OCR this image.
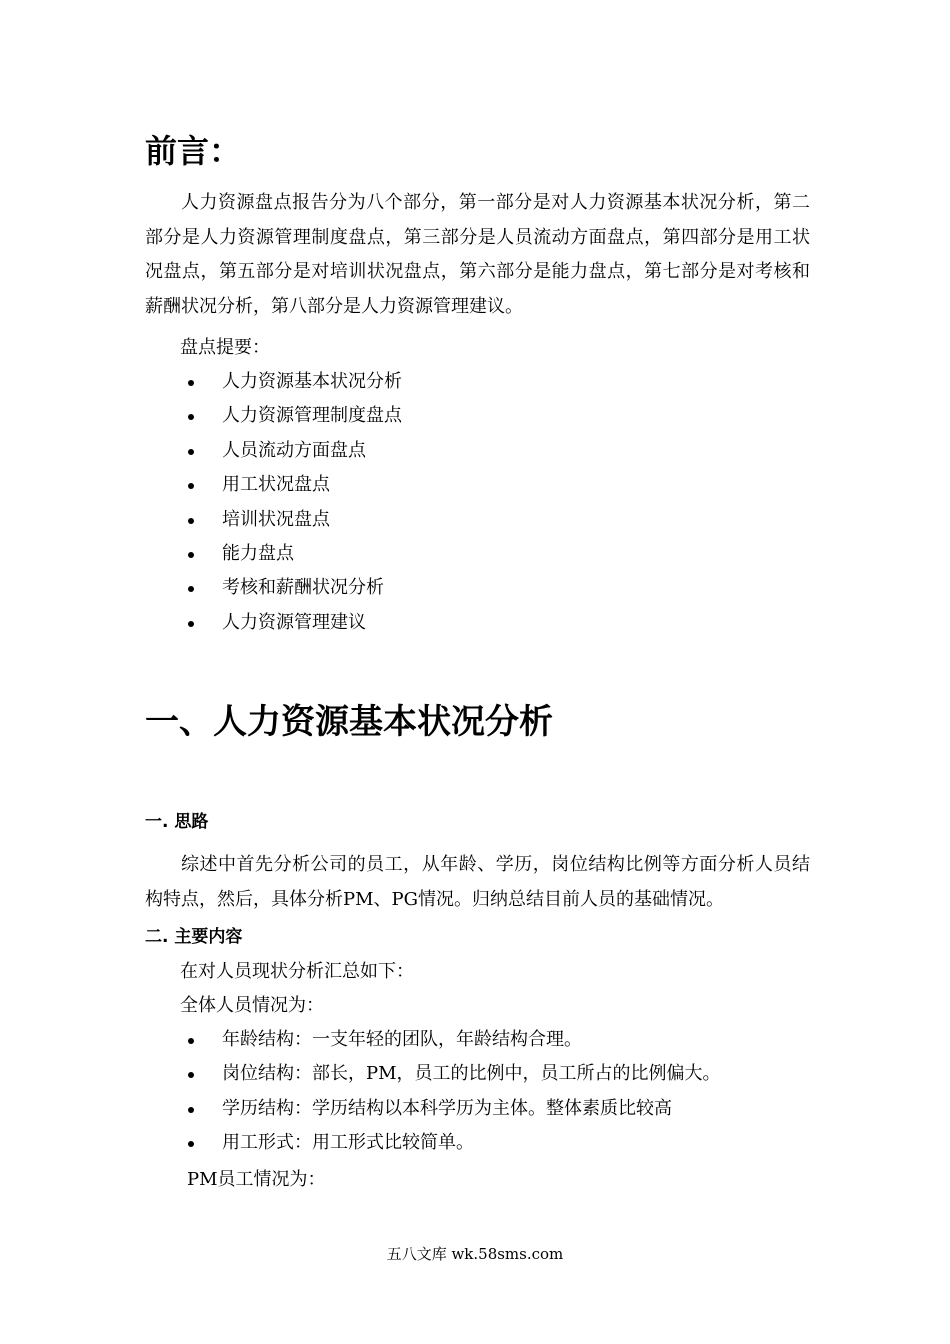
前言：

人力资源盘点报告分为八个部分，第一部分是对人力资源基本状况分析，第二部分是人力资源管理制度盘点，第三部分是人员流动方面盘点，第四部分是用工状况盘点，第五部分是对培训状况盘点，第六部分是能力盘点，第七部分是对考核和薪酬状况分析，第八部分是人力资源管理建议。

盘点提要：

人力资源基本状况分析
人力资源管理制度盘点
人员流动方面盘点
用工状况盘点
培训状况盘点
能力盘点
考核和薪酬状况分析
人力资源管理建议
一、人力资源基本状况分析
一. 思路

综述中首先分析公司的员工，从年龄、学历，岗位结构比例等方面分析人员结构特点，然后，具体分析PM、PG情况。归纳总结目前人员的基础情况。

二. 主要内容

在对人员现状分析汇总如下：

全体人员情况为：

年龄结构：一支年轻的团队，年龄结构合理。
岗位结构：部长，PM，员工的比例中，员工所占的比例偏大。
学历结构：学历结构以本科学历为主体。整体素质比较高
用工形式：用工形式比较简单。

PM员工情况为：

五八文库 wk.58sms.com
